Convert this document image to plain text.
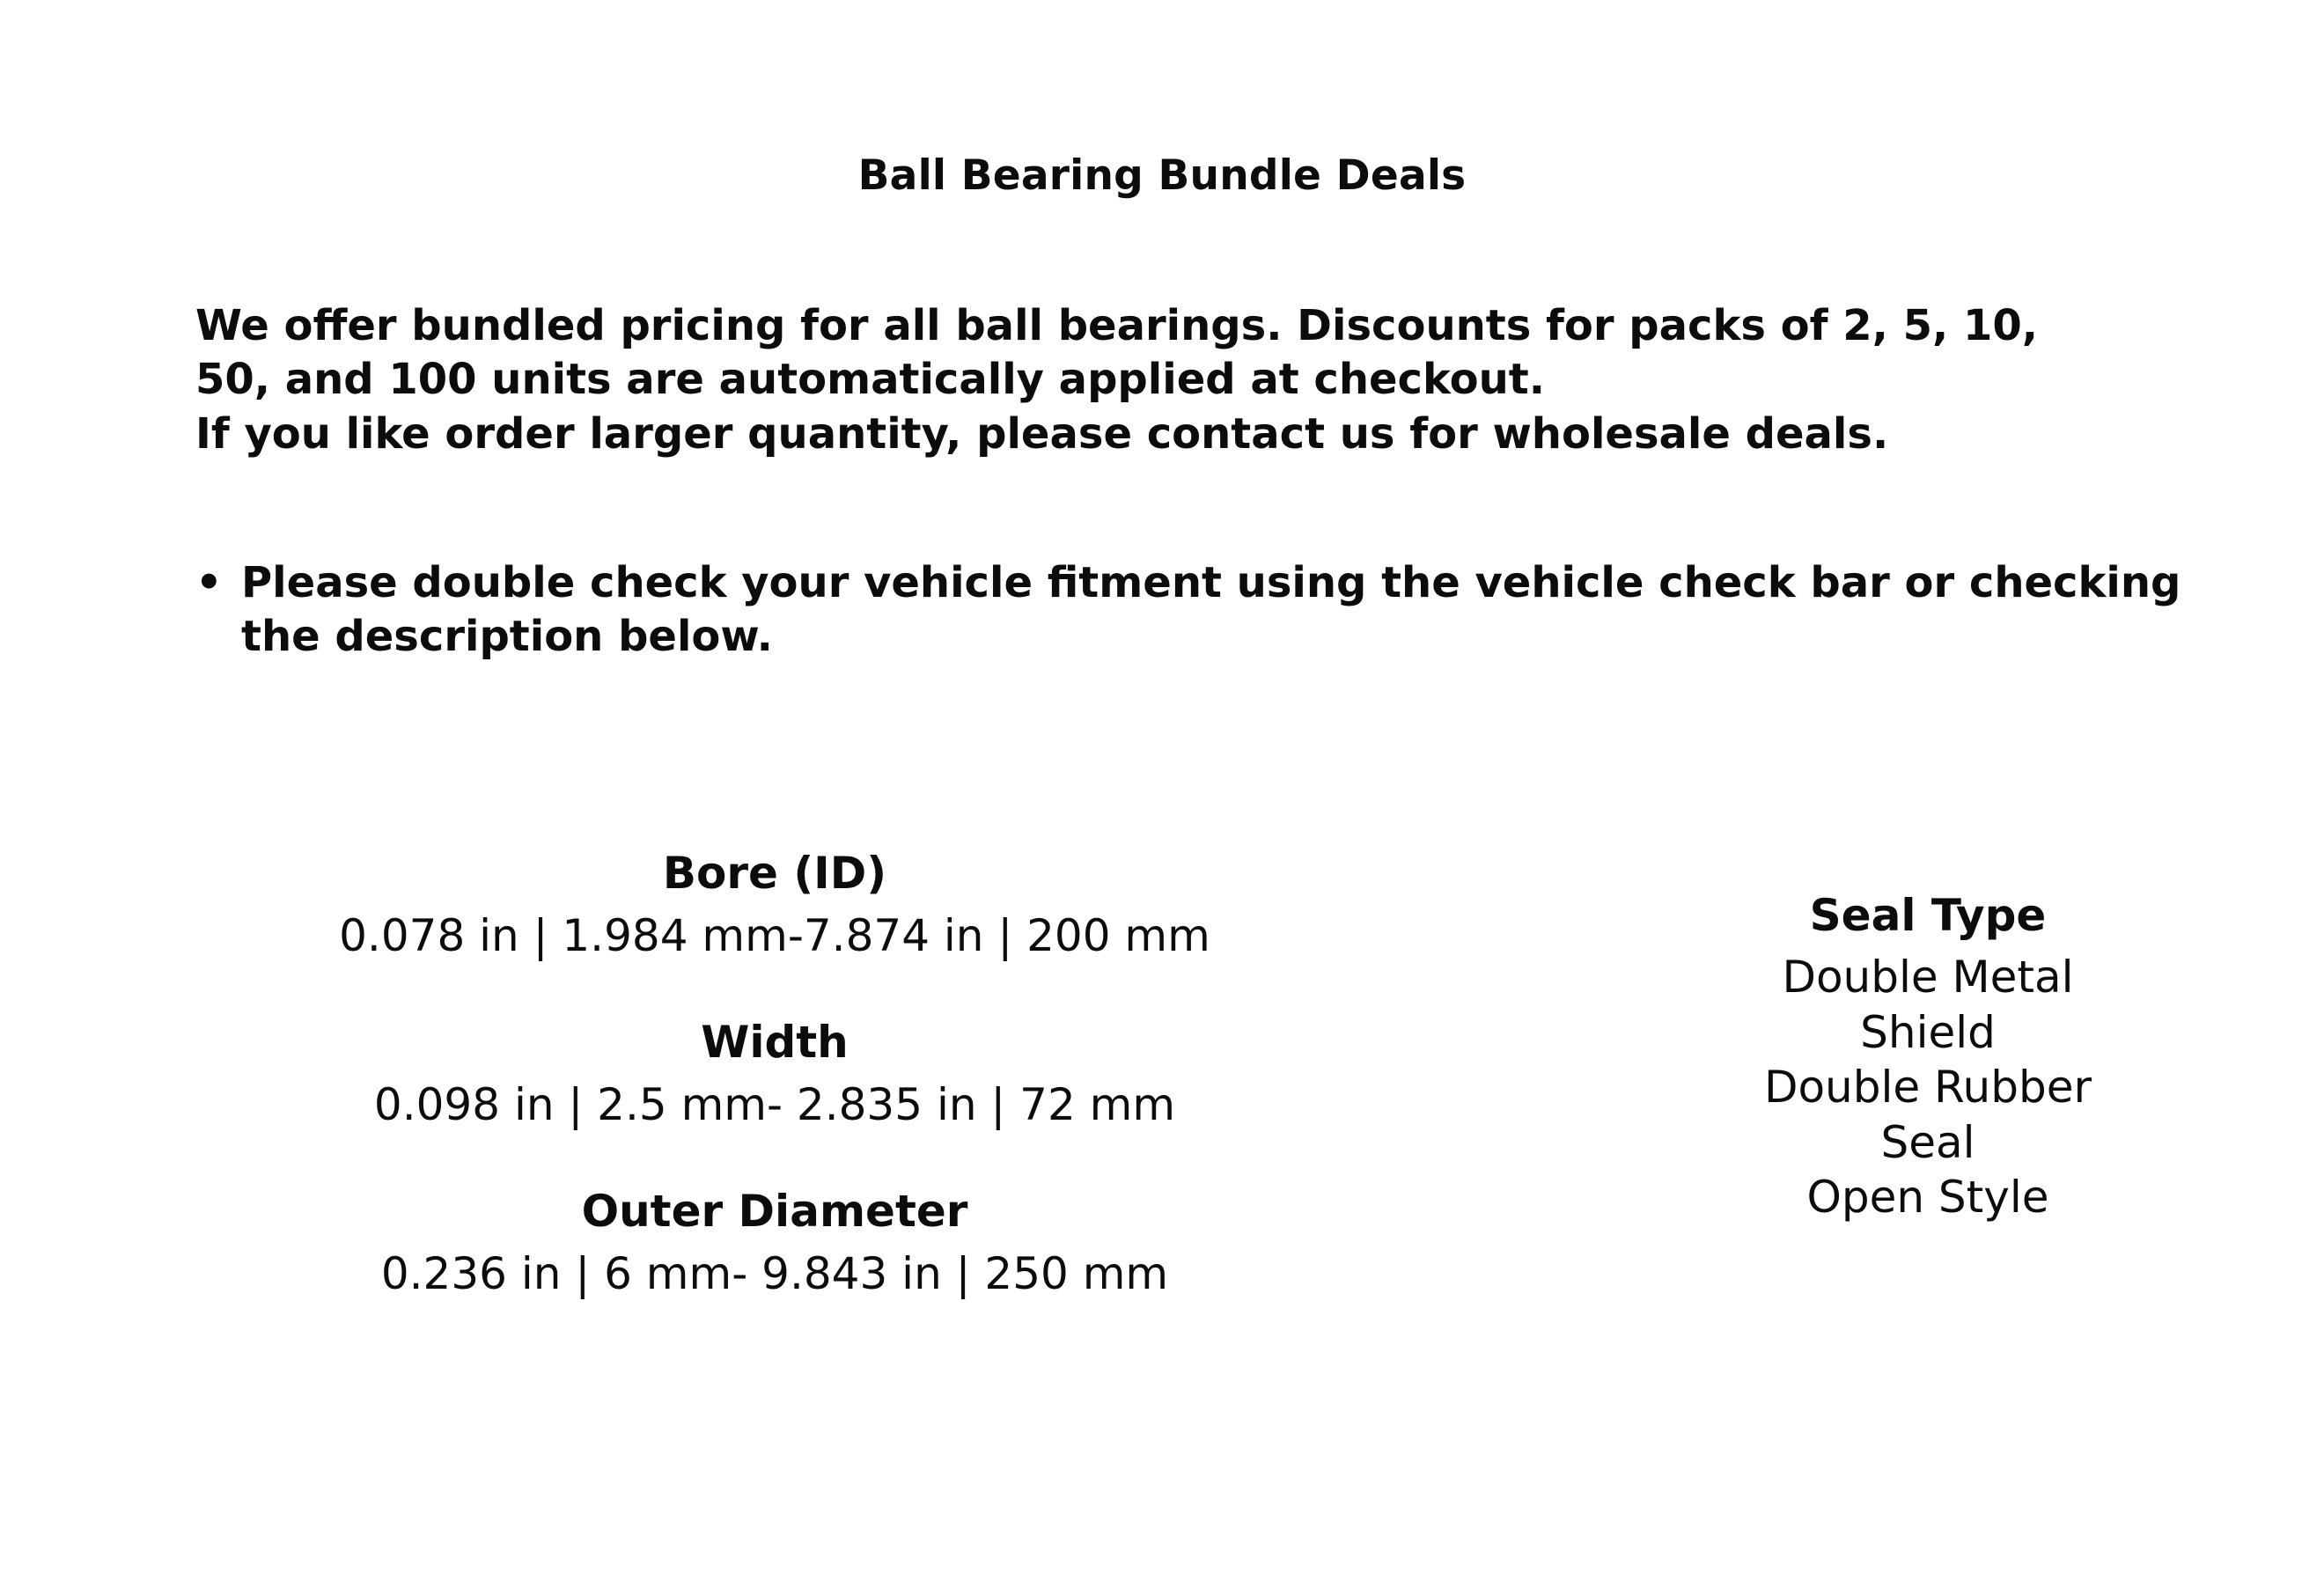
Ball Bearing Bundle Deals

We offer bundled pricing for all ball bearings. Discounts for packs of 2, 5, 10,

50, and 100 units are automatically applied at checkout.

If you like order larger quantity, please contact us for wholesale deals.

• Please double check your vehicle fitment using the vehicle check bar or checking the description below.
Bore (ID)
0.078 in | 1.984 mm-7.874 in | 200 mm
Width
0.098 in | 2.5 mm- 2.835 in | 72 mm
Outer Diameter
0.236 in | 6 mm- 9.843 in | 250 mm
Seal Type
Double Metal
Shield
Double Rubber
Seal
Open Style
